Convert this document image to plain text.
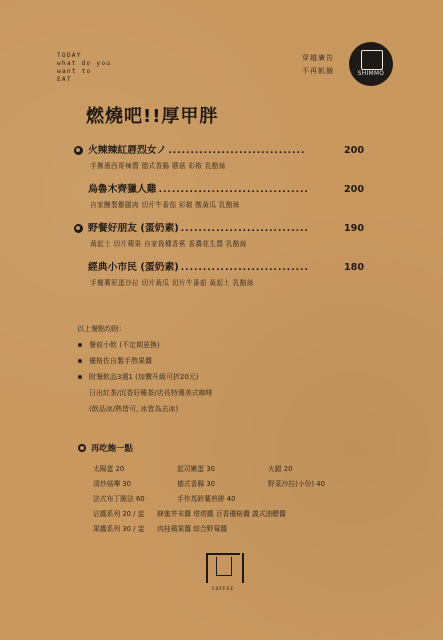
TODAY
what do you
want to
EAT
穿越廣告
不再飢餓	SHIMMO
燃燒吧!!厚甲胖
火辣辣紅唇烈女ノ ...............................	200
手撕墨西哥辣醬 德式香腸 蘑菇 彩椒 乳酪絲
烏魯木齊獵人雞 ..................................	200
自家醃製雞腿肉 切片牛番茄 彩椒 酸黃瓜 乳酪絲
野餐好朋友 (蛋奶素) .............................	190
黃起士 切片蘋果 自家栽種香蕉 香濃花生醬 乳酪絲
經典小市民 (蛋奶素) .............................	180
手攪薯泥蛋沙拉 切片黃瓜 切片牛番茄 黃起士 乳酪絲
以上餐點均附:
餐前小飲 (不定期更換)
優格佐自製手熬果醬
附餐飲品3選1 (加價升級可折20元)
日出紅茶/沉香好睡茶/店長特選美式咖啡
(飲品冰/熱皆可, 冰皆為去冰)
再吃飽一點
太陽蛋 20	起司嫩蛋 30	火腿 20
清炒菇嗶 30	德式香腸 30	野菜沙拉(小份) 40
法式布丁脆法 60	手作馬鈴薯煎餅 40
沾醬系列 20 / 盅	蜂蜜芥末醬 塔塔醬 百香優格醬 義式油醋醬
果醬系列 30 / 盅	肉桂蘋果醬 綜合野莓醬
COFFEE
